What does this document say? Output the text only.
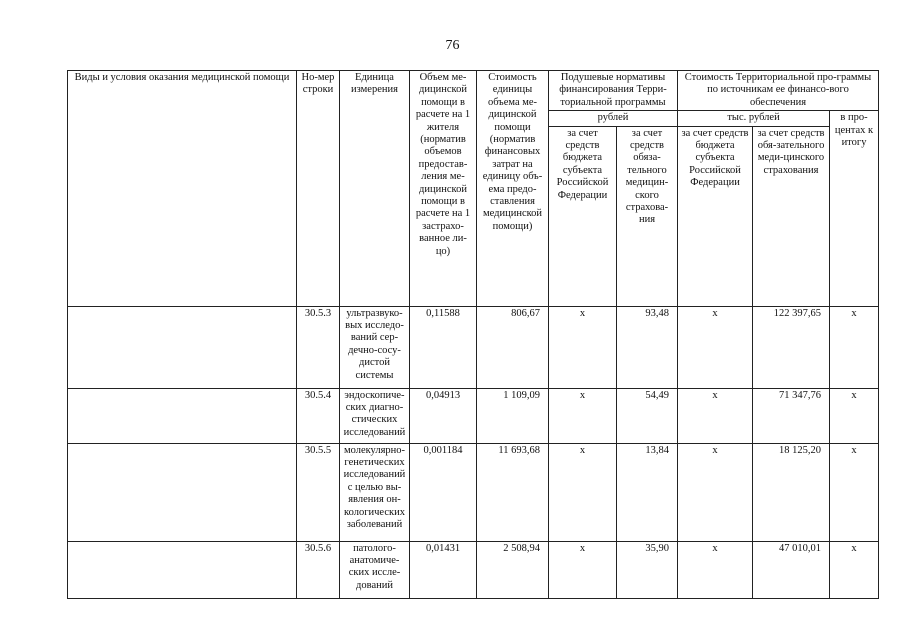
76
Виды и условия оказания медицинской помощи	Но-мер строки	Единица измерения	Объем ме-дицинской помощи в расчете на 1 жителя (норматив объемов предостав-ления ме-дицинской помощи в расчете на 1 застрахо-ванное ли-цо)	Стоимость единицы объема ме-дицинской помощи (норматив финансовых затрат на единицу объ-ема предо-ставления медицинской помощи)	Подушевые нормативы финансирования Терри-ториальной программы		Стоимость Территориальной про-граммы по источникам ее финансо-вого обеспечения		
					рублей		тыс. рублей		в про-центах к итогу
					за счет средств бюджета субъекта Российской Федерации	за счет средств обяза-тельного медицин-ского страхова-ния	за счет средств бюджета субъекта Российской Федерации	за счет средств обя-зательного меди-цинского страхования	
	30.5.3	ультразвуко-вых исследо-ваний сер-дечно-сосу-дистой системы	0,11588	806,67	x	93,48	x	122 397,65	x
	30.5.4	эндоскопиче-ских диагно-стических исследований	0,04913	1 109,09	x	54,49	x	71 347,76	x
	30.5.5	молекулярно-генетических исследований с целью вы-явления он-кологических заболеваний	0,001184	11 693,68	x	13,84	x	18 125,20	x
	30.5.6	патолого-анатомиче-ских иссле-дований	0,01431	2 508,94	x	35,90	x	47 010,01	x
